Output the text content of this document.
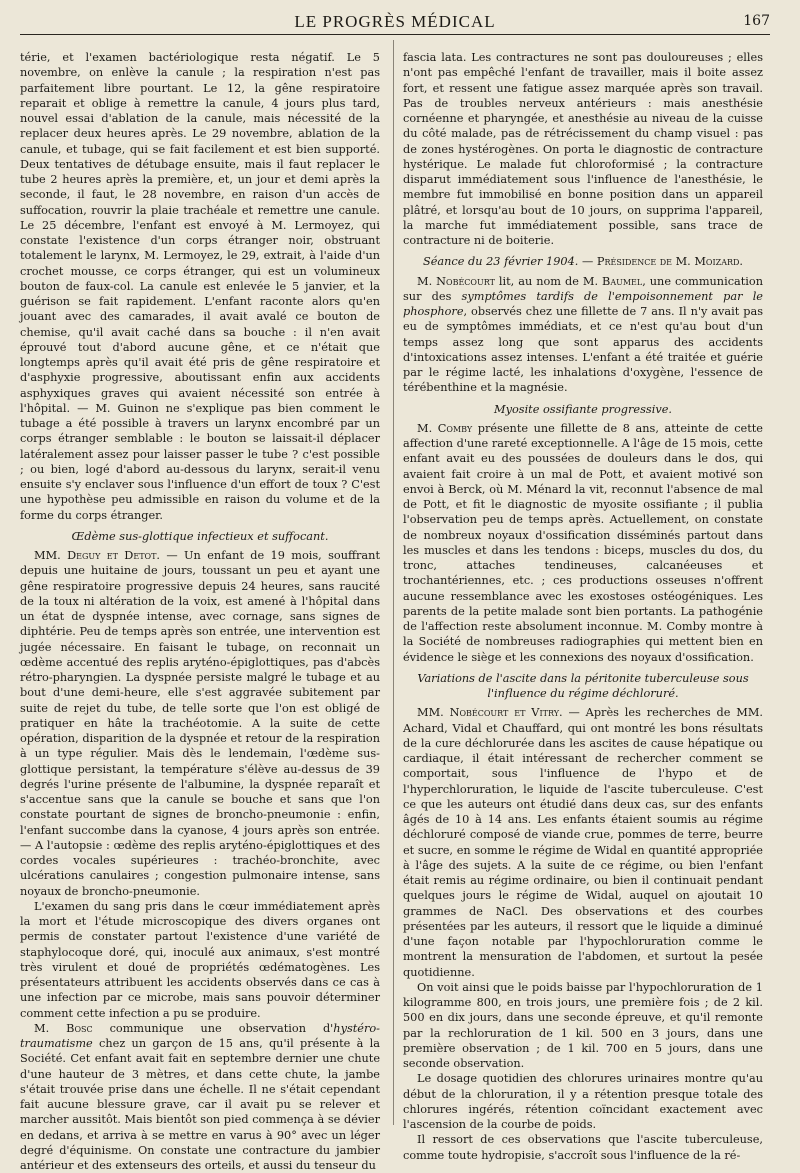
LE PROGRÈS MÉDICAL	167

térie, et l'examen bactériologique resta négatif. Le 5 novembre, on enlève la canule ; la respiration n'est pas parfaitement libre pourtant. Le 12, la gêne respiratoire reparait et oblige à remettre la canule, 4 jours plus tard, nouvel essai d'ablation de la canule, mais nécessité de la replacer deux heures après. Le 29 novembre, ablation de la canule, et tubage, qui se fait facilement et est bien supporté. Deux tentatives de détubage ensuite, mais il faut replacer le tube 2 heures après la première, et, un jour et demi après la seconde, il faut, le 28 novembre, en raison d'un accès de suffocation, rouvrir la plaie trachéale et remettre une canule. Le 25 décembre, l'enfant est envoyé à M. Lermoyez, qui constate l'existence d'un corps étranger noir, obstruant totalement le larynx, M. Lermoyez, le 29, extrait, à l'aide d'un crochet mousse, ce corps étranger, qui est un volumineux bouton de faux-col. La canule est enlevée le 5 janvier, et la guérison se fait rapidement. L'enfant raconte alors qu'en jouant avec des camarades, il avait avalé ce bouton de chemise, qu'il avait caché dans sa bouche : il n'en avait éprouvé tout d'abord aucune gêne, et ce n'était que longtemps après qu'il avait été pris de gêne respiratoire et d'asphyxie progressive, aboutissant enfin aux accidents asphyxiques graves qui avaient nécessité son entrée à l'hôpital. — M. Guinon ne s'explique pas bien comment le tubage a été possible à travers un larynx encombré par un corps étranger semblable : le bouton se laissait-il déplacer latéralement assez pour laisser passer le tube ? c'est possible ; ou bien, logé d'abord au-dessous du larynx, serait-il venu ensuite s'y enclaver sous l'influence d'un effort de toux ? C'est une hypothèse peu admissible en raison du volume et de la forme du corps étranger.

Œdème sus-glottique infectieux et suffocant.

MM. Deguy et Detot. — Un enfant de 19 mois, souffrant depuis une huitaine de jours, toussant un peu et ayant une gêne respiratoire progressive depuis 24 heures, sans raucité de la toux ni altération de la voix, est amené à l'hôpital dans un état de dyspnée intense, avec cornage, sans signes de diphtérie. Peu de temps après son entrée, une intervention est jugée nécessaire. En faisant le tubage, on reconnait un œdème accentué des replis aryténo-épiglottiques, pas d'abcès rétro-pharyngien. La dyspnée persiste malgré le tubage et au bout d'une demi-heure, elle s'est aggravée subitement par suite de rejet du tube, de telle sorte que l'on est obligé de pratiquer en hâte la trachéotomie. A la suite de cette opération, disparition de la dyspnée et retour de la respiration à un type régulier. Mais dès le lendemain, l'œdème sus-glottique persistant, la température s'élève au-dessus de 39 degrés l'urine présente de l'albumine, la dyspnée reparaît et s'accentue sans que la canule se bouche et sans que l'on constate pourtant de signes de broncho-pneumonie : enfin, l'enfant succombe dans la cyanose, 4 jours après son entrée. — A l'autopsie : œdème des replis aryténo-épiglottiques et des cordes vocales supérieures : trachéo-bronchite, avec ulcérations canulaires ; congestion pulmonaire intense, sans noyaux de broncho-pneumonie.

L'examen du sang pris dans le cœur immédiatement après la mort et l'étude microscopique des divers organes ont permis de constater partout l'existence d'une variété de staphylocoque doré, qui, inoculé aux animaux, s'est montré très virulent et doué de propriétés œdématogènes. Les présentateurs attribuent les accidents observés dans ce cas à une infection par ce microbe, mais sans pouvoir déterminer comment cette infection a pu se produire.

M. Bosc communique une observation d'hystéro-traumatisme chez un garçon de 15 ans, qu'il présente à la Société. Cet enfant avait fait en septembre dernier une chute d'une hauteur de 3 mètres, et dans cette chute, la jambe s'était trouvée prise dans une échelle. Il ne s'était cependant fait aucune blessure grave, car il avait pu se relever et marcher aussitôt. Mais bientôt son pied commença à se dévier en dedans, et arriva à se mettre en varus à 90° avec un léger degré d'équinisme. On constate une contracture du jambier antérieur et des extenseurs des orteils, et aussi du tenseur du

fascia lata. Les contractures ne sont pas douloureuses ; elles n'ont pas empêché l'enfant de travailler, mais il boite assez fort, et ressent une fatigue assez marquée après son travail. Pas de troubles nerveux antérieurs : mais anesthésie cornéenne et pharyngée, et anesthésie au niveau de la cuisse du côté malade, pas de rétrécissement du champ visuel : pas de zones hystérogènes. On porta le diagnostic de contracture hystérique. Le malade fut chloroformisé ; la contracture disparut immédiatement sous l'influence de l'anesthésie, le membre fut immobilisé en bonne position dans un appareil plâtré, et lorsqu'au bout de 10 jours, on supprima l'appareil, la marche fut immédiatement possible, sans trace de contracture ni de boiterie.

Séance du 23 février 1904. — Présidence de M. Moizard.

M. Nobécourt lit, au nom de M. Baumel, une communication sur des symptômes tardifs de l'empoisonnement par le phosphore, observés chez une fillette de 7 ans. Il n'y avait pas eu de symptômes immédiats, et ce n'est qu'au bout d'un temps assez long que sont apparus des accidents d'intoxications assez intenses. L'enfant a été traitée et guérie par le régime lacté, les inhalations d'oxygène, l'essence de térébenthine et la magnésie.

Myosite ossifiante progressive.

M. Comby présente une fillette de 8 ans, atteinte de cette affection d'une rareté exceptionnelle. A l'âge de 15 mois, cette enfant avait eu des poussées de douleurs dans le dos, qui avaient fait croire à un mal de Pott, et avaient motivé son envoi à Berck, où M. Ménard la vit, reconnut l'absence de mal de Pott, et fit le diagnostic de myosite ossifiante ; il publia l'observation peu de temps après. Actuellement, on constate de nombreux noyaux d'ossification disséminés partout dans les muscles et dans les tendons : biceps, muscles du dos, du tronc, attaches tendineuses, calcanéeuses et trochantériennes, etc. ; ces productions osseuses n'offrent aucune ressemblance avec les exostoses ostéogéniques. Les parents de la petite malade sont bien portants. La pathogénie de l'affection reste absolument inconnue. M. Comby montre à la Société de nombreuses radiographies qui mettent bien en évidence le siège et les connexions des noyaux d'ossification.

Variations de l'ascite dans la péritonite tuberculeuse sous
l'influence du régime déchloruré.

MM. Nobécourt et Vitry. — Après les recherches de MM. Achard, Vidal et Chauffard, qui ont montré les bons résultats de la cure déchlorurée dans les ascites de cause hépatique ou cardiaque, il était intéressant de rechercher comment se comportait, sous l'influence de l'hypo et de l'hyperchloruration, le liquide de l'ascite tuberculeuse. C'est ce que les auteurs ont étudié dans deux cas, sur des enfants âgés de 10 à 14 ans. Les enfants étaient soumis au régime déchloruré composé de viande crue, pommes de terre, beurre et sucre, en somme le régime de Widal en quantité appropriée à l'âge des sujets. A la suite de ce régime, ou bien l'enfant était remis au régime ordinaire, ou bien il continuait pendant quelques jours le régime de Widal, auquel on ajoutait 10 grammes de NaCl. Des observations et des courbes présentées par les auteurs, il ressort que le liquide a diminué d'une façon notable par l'hypochloruration comme le montrent la mensuration de l'abdomen, et surtout la pesée quotidienne.

On voit ainsi que le poids baisse par l'hypochloruration de 1 kilogramme 800, en trois jours, une première fois ; de 2 kil. 500 en dix jours, dans une seconde épreuve, et qu'il remonte par la rechloruration de 1 kil. 500 en 3 jours, dans une première observation ; de 1 kil. 700 en 5 jours, dans une seconde observation.

Le dosage quotidien des chlorures urinaires montre qu'au début de la chloruration, il y a rétention presque totale des chlorures ingérés, rétention coïncidant exactement avec l'ascension de la courbe de poids.

Il ressort de ces observations que l'ascite tuberculeuse, comme toute hydropisie, s'accroît sous l'influence de la ré-
